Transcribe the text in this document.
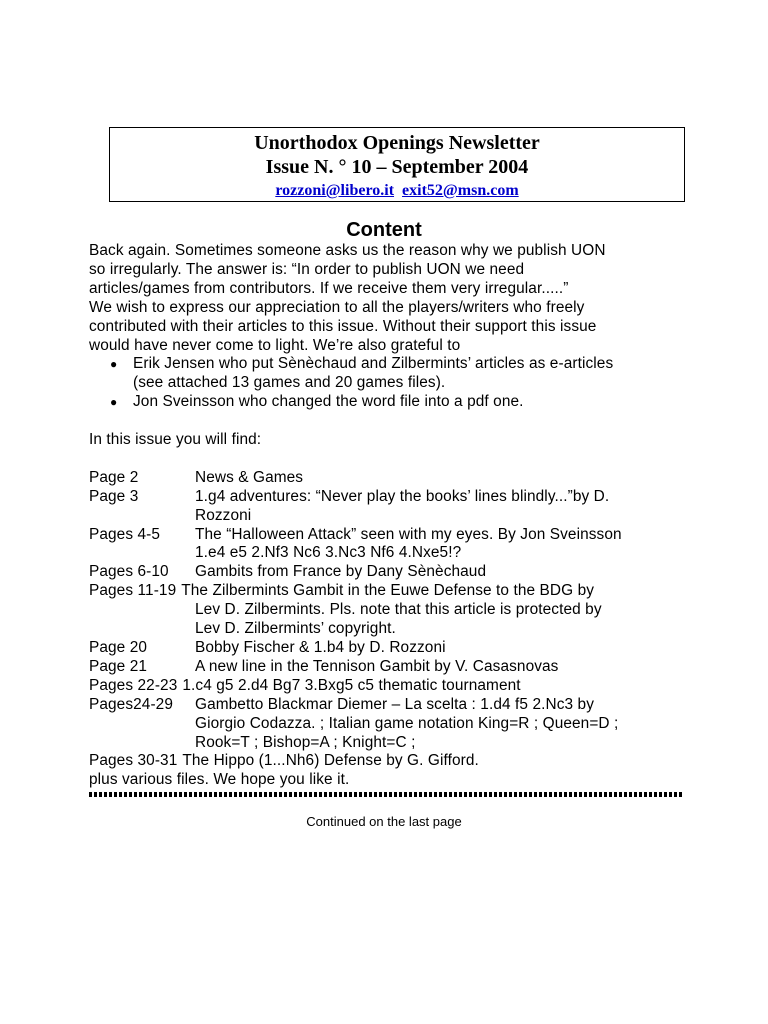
Unorthodox Openings Newsletter
Issue N. ° 10 – September 2004
rozzoni@libero.it exit52@msn.com
Content

Back again. Sometimes someone asks us the reason why we publish UON

so irregularly. The answer is: “In order to publish UON we need

articles/games from contributors. If we receive them very irregular.....”

We wish to express our appreciation to all the players/writers who freely

contributed with their articles to this issue. Without their support this issue

would have never come to light. We’re also grateful to

● Erik Jensen who put Sènèchaud and Zilbermints’ articles as e-articles
(see attached 13 games and 20 games files).
● Jon Sveinsson who changed the word file into a pdf one.

In this issue you will find:

Page 2	News & Games
Page 3	1.g4 adventures: “Never play the books’ lines blindly...”by D.
Rozzoni
Pages 4-5	The “Halloween Attack” seen with my eyes. By Jon Sveinsson
1.e4 e5 2.Nf3 Nc6 3.Nc3 Nf6 4.Nxe5!?
Pages 6-10	Gambits from France by Dany Sènèchaud
Pages 11-19 The Zilbermints Gambit in the Euwe Defense to the BDG by
Lev D. Zilbermints. Pls. note that this article is protected by
Lev D. Zilbermints’ copyright.
Page 20	Bobby Fischer & 1.b4 by D. Rozzoni
Page 21	A new line in the Tennison Gambit by V. Casasnovas
Pages 22-23 1.c4 g5 2.d4 Bg7 3.Bxg5 c5 thematic tournament
Pages24-29	Gambetto Blackmar Diemer – La scelta : 1.d4 f5 2.Nc3 by
Giorgio Codazza. ; Italian game notation King=R ; Queen=D ;
Rook=T ; Bishop=A ; Knight=C ;
Pages 30-31 The Hippo (1...Nh6) Defense by G. Gifford.

plus various files. We hope you like it.

Continued on the last page
